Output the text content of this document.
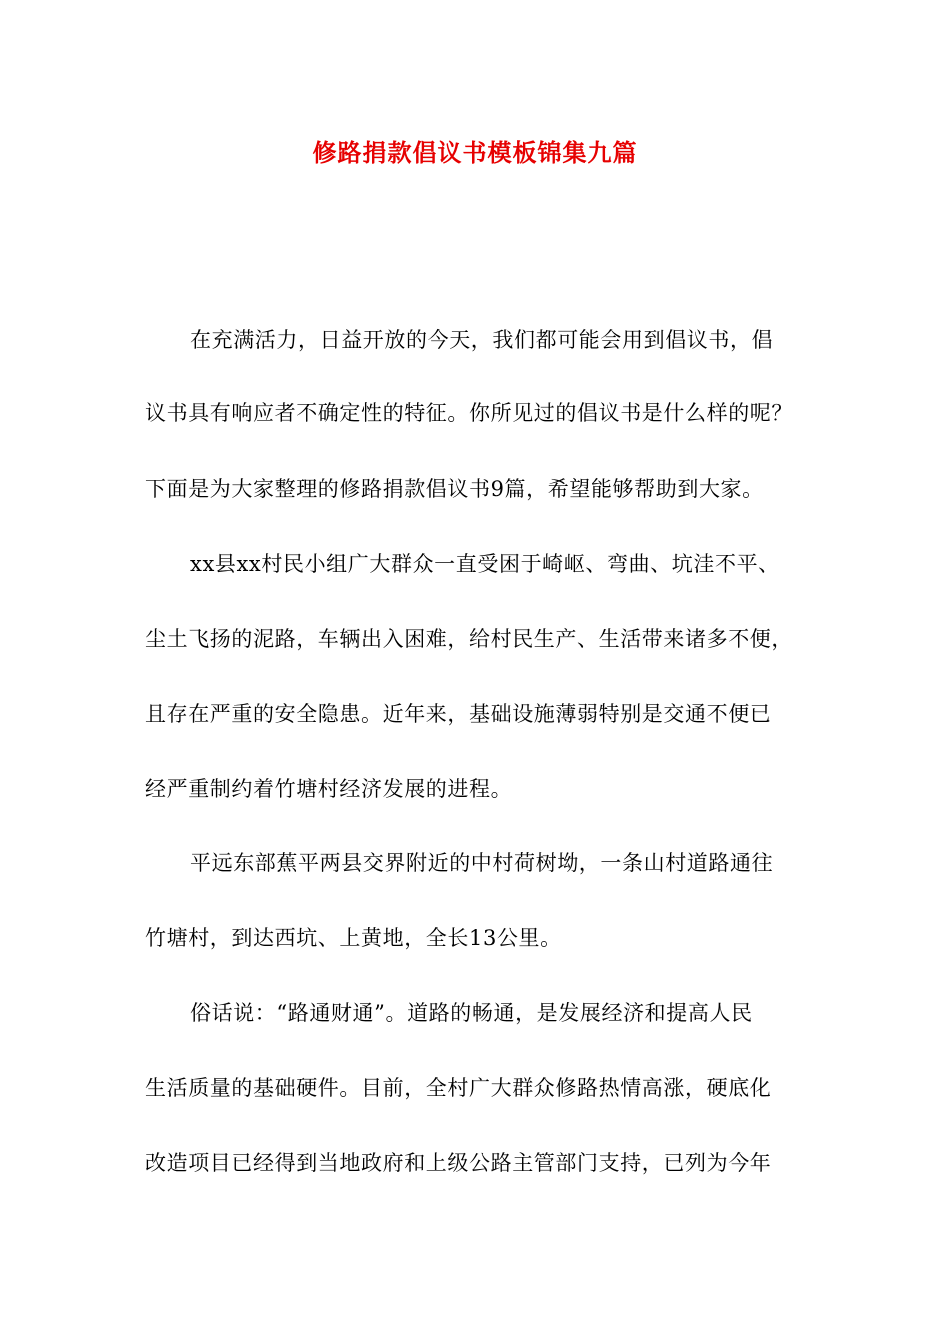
修路捐款倡议书模板锦集九篇

在充满活力，日益开放的今天，我们都可能会用到倡议书，倡

议书具有响应者不确定性的特征。你所见过的倡议书是什么样的呢？

下面是为大家整理的修路捐款倡议书9篇，希望能够帮助到大家。

xx县xx村民小组广大群众一直受困于崎岖、弯曲、坑洼不平、

尘土飞扬的泥路，车辆出入困难，给村民生产、生活带来诸多不便，

且存在严重的安全隐患。近年来，基础设施薄弱特别是交通不便已

经严重制约着竹塘村经济发展的进程。

平远东部蕉平两县交界附近的中村荷树坳，一条山村道路通往

竹塘村，到达西坑、上黄地，全长13公里。

俗话说：“路通财通”。道路的畅通，是发展经济和提高人民

生活质量的基础硬件。目前，全村广大群众修路热情高涨，硬底化

改造项目已经得到当地政府和上级公路主管部门支持，已列为今年
